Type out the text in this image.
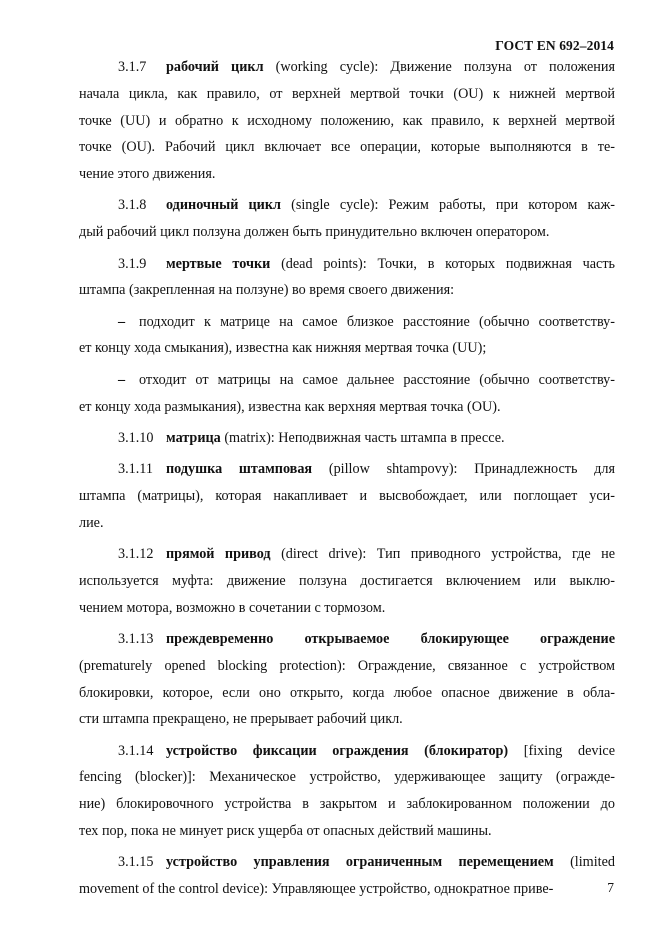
ГОСТ EN 692–2014
3.1.7 рабочий цикл (working cycle): Движение ползуна от положения
начала цикла, как правило, от верхней мертвой точки (OU) к нижней мертвой
точке (UU) и обратно к исходному положению, как правило, к верхней мертвой
точке (OU). Рабочий цикл включает все операции, которые выполняются в те-
чение этого движения.
3.1.8 одиночный цикл (single cycle): Режим работы, при котором каж-
дый рабочий цикл ползуна должен быть принудительно включен оператором.
3.1.9 мертвые точки (dead points): Точки, в которых подвижная часть
штампа (закрепленная на ползуне) во время своего движения:
– подходит к матрице на самое близкое расстояние (обычно соответству-
ет концу хода смыкания), известна как нижняя мертвая точка (UU);
– отходит от матрицы на самое дальнее расстояние (обычно соответству-
ет концу хода размыкания), известна как верхняя мертвая точка (OU).
3.1.10 матрица (matrix): Неподвижная часть штампа в прессе.
3.1.11 подушка штамповая (pillow shtampovy): Принадлежность для
штампа (матрицы), которая накапливает и высвобождает, или поглощает уси-
лие.
3.1.12 прямой привод (direct drive): Тип приводного устройства, где не
используется муфта: движение ползуна достигается включением или выклю-
чением мотора, возможно в сочетании с тормозом.
3.1.13 преждевременно открываемое блокирующее ограждение
(prematurely opened blocking protection): Ограждение, связанное с устройством
блокировки, которое, если оно открыто, когда любое опасное движение в обла-
сти штампа прекращено, не прерывает рабочий цикл.
3.1.14 устройство фиксации ограждения (блокиратор) [fixing device
fencing (blocker)]: Механическое устройство, удерживающее защиту (огражде-
ние) блокировочного устройства в закрытом и заблокированном положении до
тех пор, пока не минует риск ущерба от опасных действий машины.
3.1.15 устройство управления ограниченным перемещением (limited
movement of the control device): Управляющее устройство, однократное приве-	7
